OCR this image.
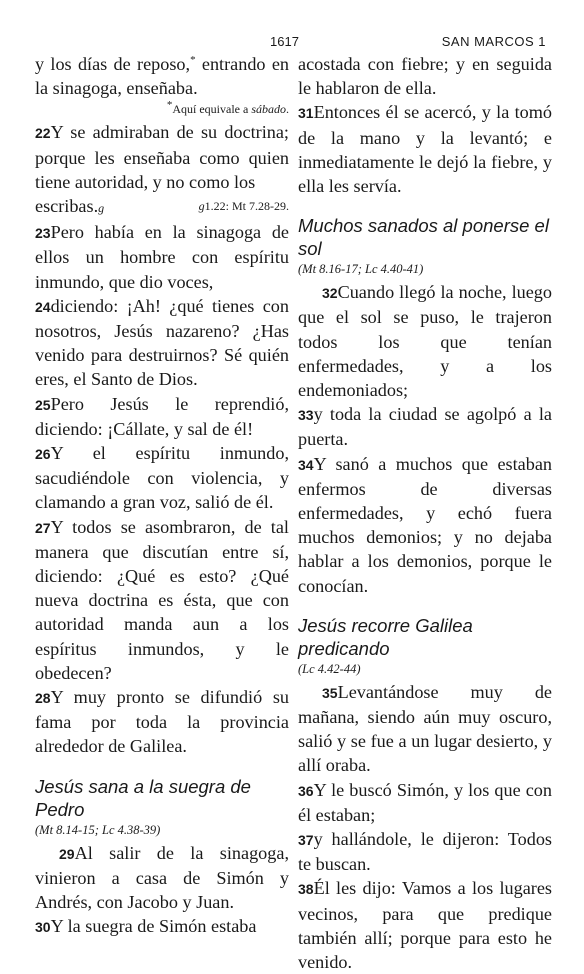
1617	SAN MARCOS 1

y los días de reposo,* entrando en la sinagoga, enseñaba.

*Aquí equivale a sábado.

22Y se admiraban de su doctrina; porque les enseñaba como quien tiene autoridad, y no como los

escribas.g	g1.22: Mt 7.28-29.

23Pero había en la sinagoga de ellos un hombre con espíritu inmundo, que dio voces,

24diciendo: ¡Ah! ¿qué tienes con nosotros, Jesús nazareno? ¿Has venido para destruirnos? Sé quién eres, el Santo de Dios.

25Pero Jesús le reprendió, diciendo: ¡Cállate, y sal de él!

26Y el espíritu inmundo, sacudiéndole con violencia, y clamando a gran voz, salió de él.

27Y todos se asombraron, de tal manera que discutían entre sí, diciendo: ¿Qué es esto? ¿Qué nueva doctrina es ésta, que con autoridad manda aun a los espíritus inmundos, y le obedecen?

28Y muy pronto se difundió su fama por toda la provincia alrededor de Galilea.

Jesús sana a la suegra de Pedro

(Mt 8.14-15; Lc 4.38-39)

29Al salir de la sinagoga, vinieron a casa de Simón y Andrés, con Jacobo y Juan.

30Y la suegra de Simón estaba

acostada con fiebre; y en seguida le hablaron de ella.

31Entonces él se acercó, y la tomó de la mano y la levantó; e inmediatamente le dejó la fiebre, y ella les servía.

Muchos sanados al ponerse el sol

(Mt 8.16-17; Lc 4.40-41)

32Cuando llegó la noche, luego que el sol se puso, le trajeron todos los que tenían enfermedades, y a los endemoniados;

33y toda la ciudad se agolpó a la puerta.

34Y sanó a muchos que estaban enfermos de diversas enfermedades, y echó fuera muchos demonios; y no dejaba hablar a los demonios, porque le conocían.

Jesús recorre Galilea predicando

(Lc 4.42-44)

35Levantándose muy de mañana, siendo aún muy oscuro, salió y se fue a un lugar desierto, y allí oraba.

36Y le buscó Simón, y los que con él estaban;

37y hallándole, le dijeron: Todos te buscan.

38Él les dijo: Vamos a los lugares vecinos, para que predique también allí; porque para esto he venido.
